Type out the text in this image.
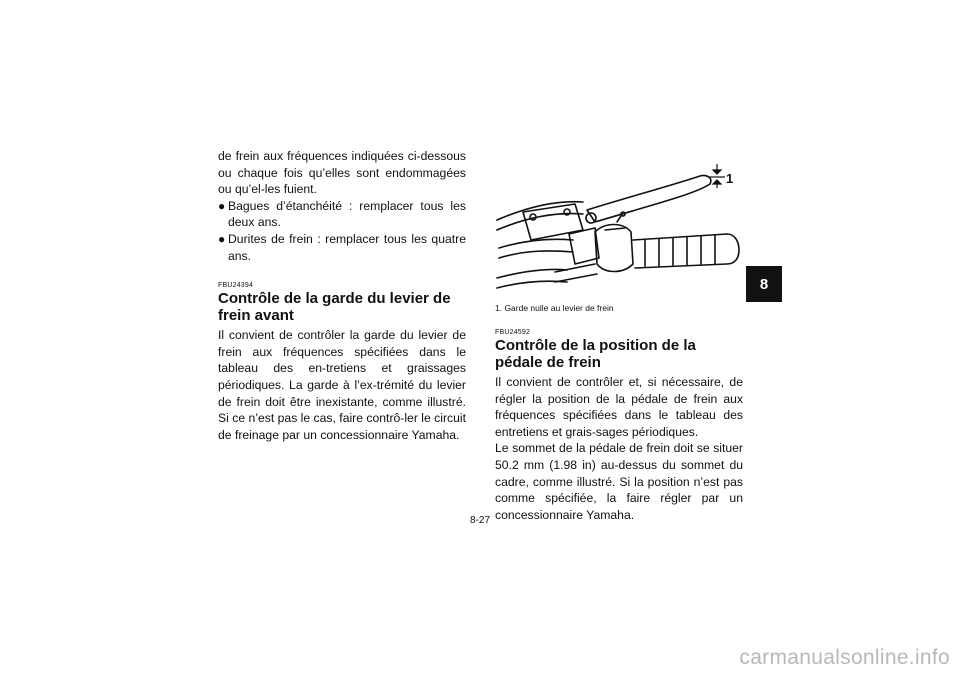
de frein aux fréquences indiquées ci-dessous ou chaque fois qu’elles sont endommagées ou qu’el-les fuient.

● Bagues d’étanchéité : remplacer tous les deux ans.
● Durites de frein : remplacer tous les quatre ans.

FBU24394

Contrôle de la garde du levier de frein avant

Il convient de contrôler la garde du levier de frein aux fréquences spécifiées dans le tableau des en-tretiens et graissages périodiques. La garde à l’ex-trémité du levier de frein doit être inexistante, comme illustré. Si ce n’est pas le cas, faire contrô-ler le circuit de freinage par un concessionnaire Yamaha.

1

1. Garde nulle au levier de frein

FBU24592

Contrôle de la position de la pédale de frein

Il convient de contrôler et, si nécessaire, de régler la position de la pédale de frein aux fréquences spécifiées dans le tableau des entretiens et grais-sages périodiques.

Le sommet de la pédale de frein doit se situer 50.2 mm (1.98 in) au-dessus du sommet du cadre, comme illustré. Si la position n’est pas comme spécifiée, la faire régler par un concessionnaire Yamaha.

8
8-27
carmanualsonline.info
